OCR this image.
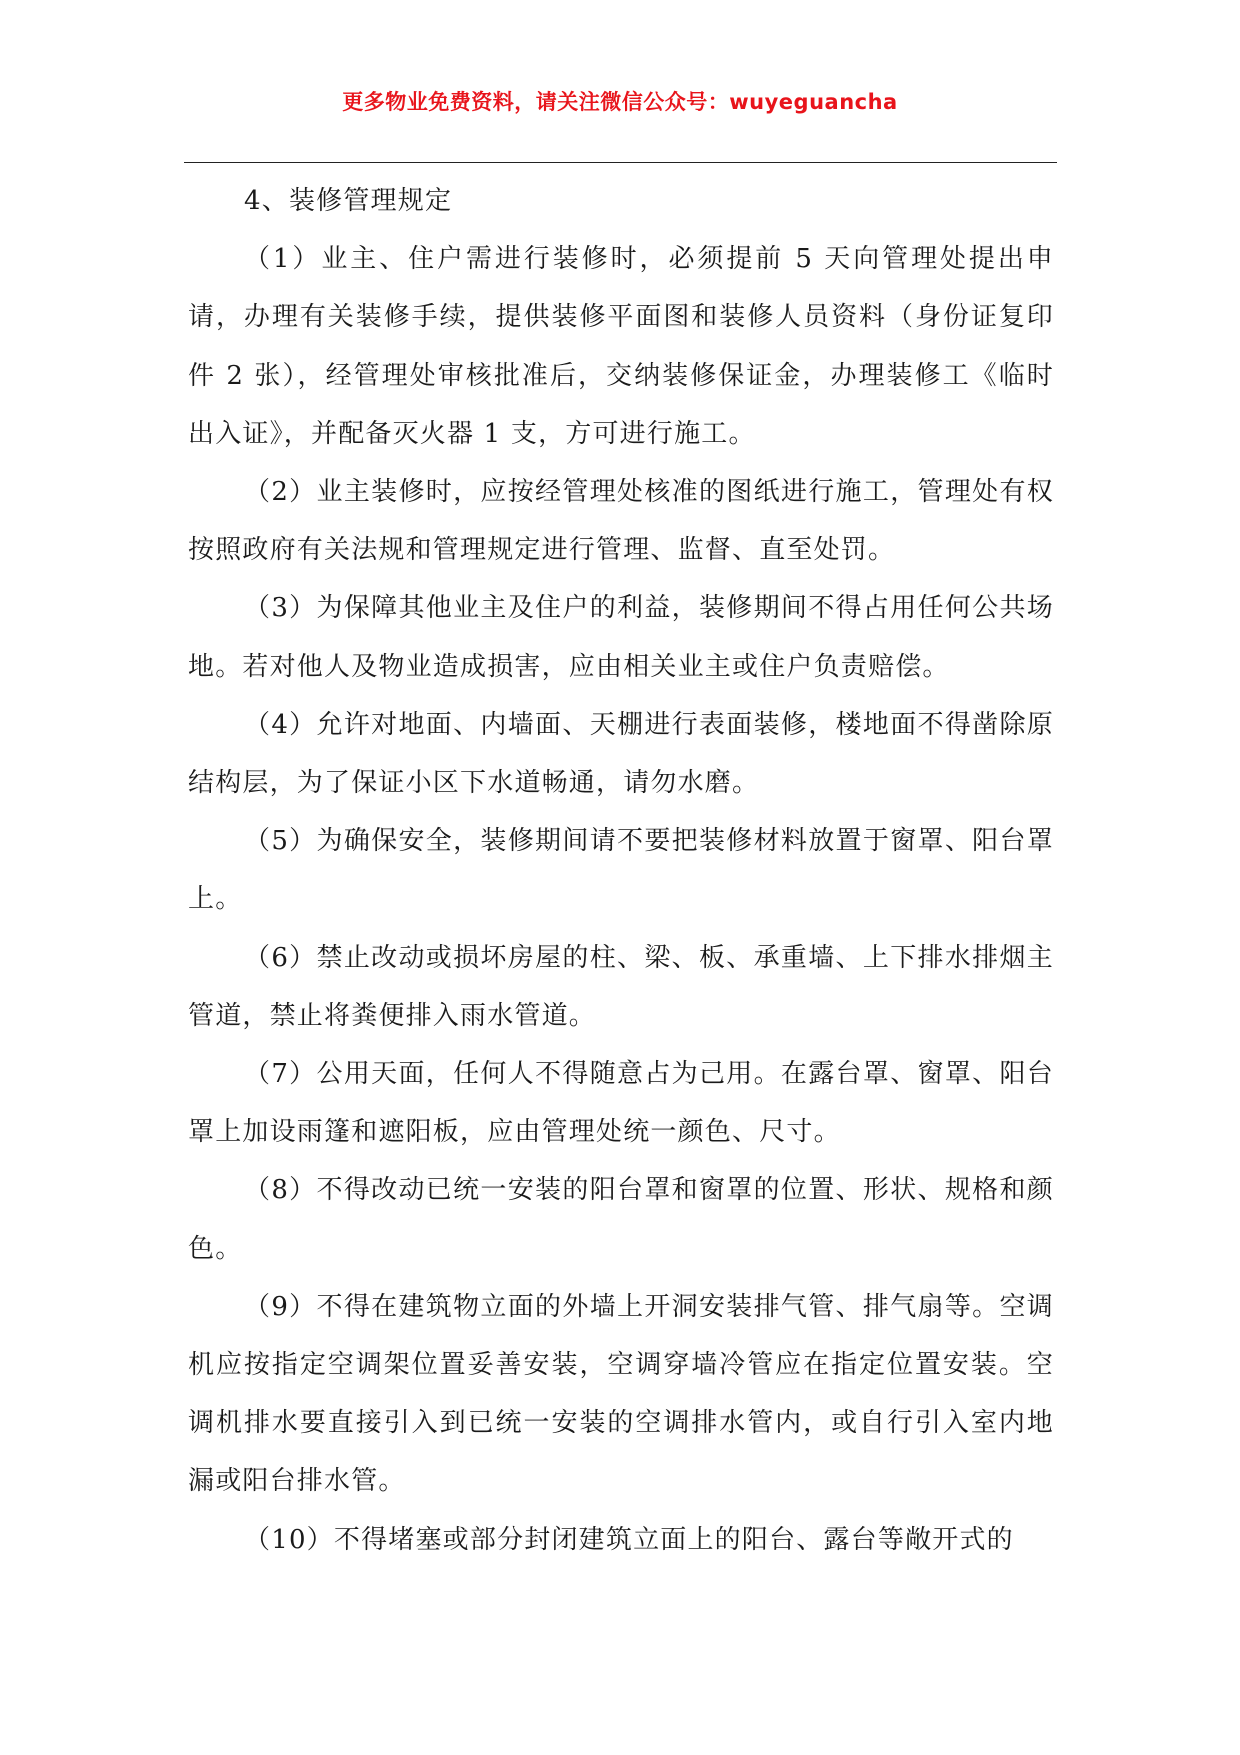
更多物业免费资料，请关注微信公众号：wuyeguancha

4、装修管理规定

（1）业主、住户需进行装修时，必须提前 5 天向管理处提出申请，办理有关装修手续，提供装修平面图和装修人员资料（身份证复印件 2 张），经管理处审核批准后，交纳装修保证金，办理装修工《临时出入证》，并配备灭火器 1 支，方可进行施工。

（2）业主装修时，应按经管理处核准的图纸进行施工，管理处有权按照政府有关法规和管理规定进行管理、监督、直至处罚。

（3）为保障其他业主及住户的利益，装修期间不得占用任何公共场地。若对他人及物业造成损害，应由相关业主或住户负责赔偿。

（4）允许对地面、内墙面、天棚进行表面装修，楼地面不得凿除原结构层，为了保证小区下水道畅通，请勿水磨。

（5）为确保安全，装修期间请不要把装修材料放置于窗罩、阳台罩上。

（6）禁止改动或损坏房屋的柱、梁、板、承重墙、上下排水排烟主管道，禁止将粪便排入雨水管道。

（7）公用天面，任何人不得随意占为己用。在露台罩、窗罩、阳台罩上加设雨篷和遮阳板，应由管理处统一颜色、尺寸。

（8）不得改动已统一安装的阳台罩和窗罩的位置、形状、规格和颜色。

（9）不得在建筑物立面的外墙上开洞安装排气管、排气扇等。空调机应按指定空调架位置妥善安装，空调穿墙冷管应在指定位置安装。空调机排水要直接引入到已统一安装的空调排水管内，或自行引入室内地漏或阳台排水管。

（10）不得堵塞或部分封闭建筑立面上的阳台、露台等敞开式的
